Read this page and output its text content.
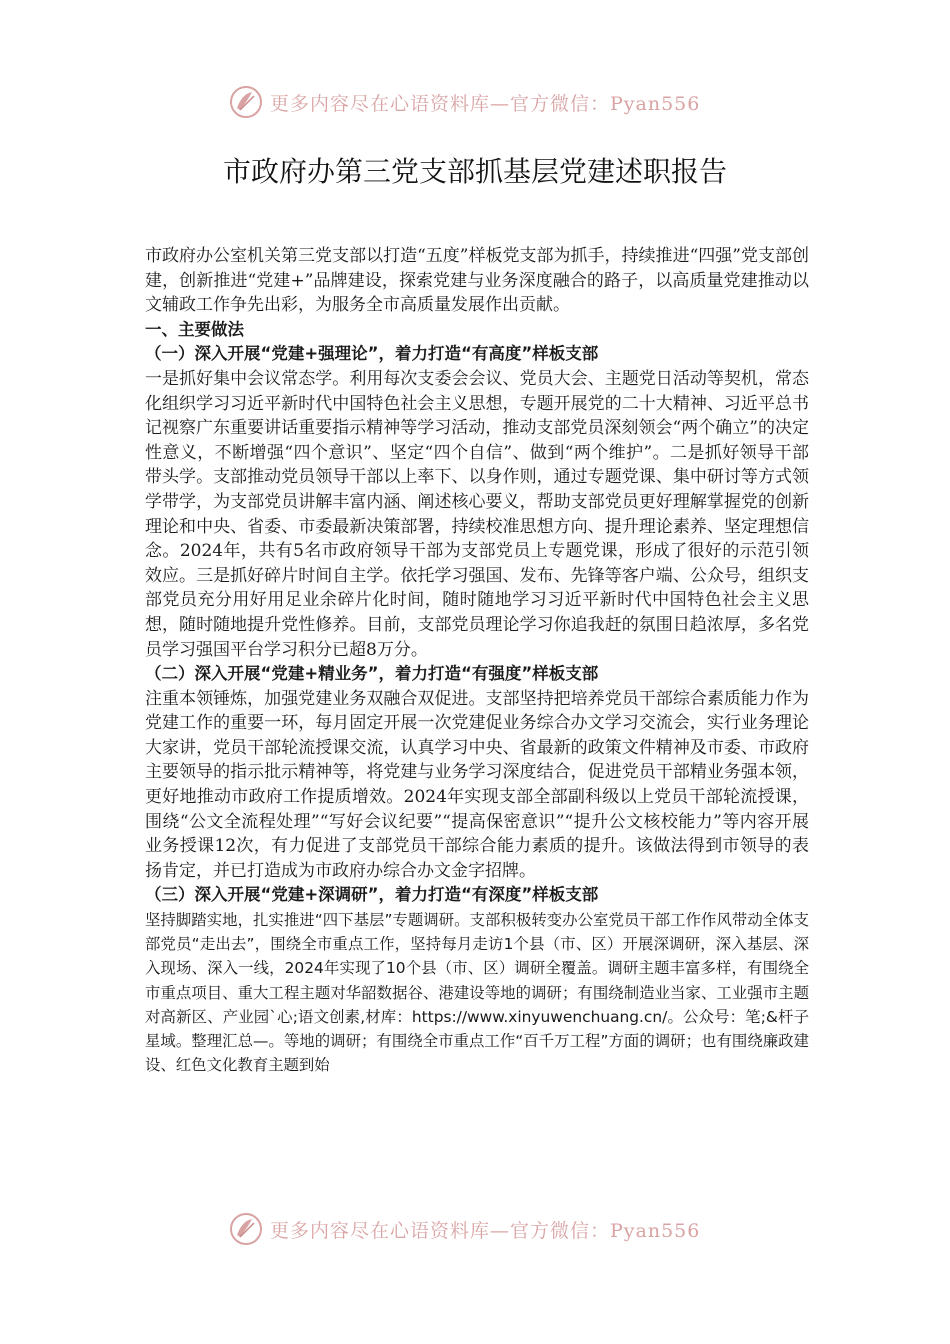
更多内容尽在心语资料库—官方微信：Pyan556
市政府办第三党支部抓基层党建述职报告

市政府办公室机关第三党支部以打造“五度”样板党支部为抓手，持续推进“四强”党支部创建，创新推进“党建+”品牌建设，探索党建与业务深度融合的路子，以高质量党建推动以文辅政工作争先出彩，为服务全市高质量发展作出贡献。

一、主要做法

（一）深入开展“党建+强理论”，着力打造“有高度”样板支部

一是抓好集中会议常态学。利用每次支委会会议、党员大会、主题党日活动等契机，常态化组织学习习近平新时代中国特色社会主义思想，专题开展党的二十大精神、习近平总书记视察广东重要讲话重要指示精神等学习活动，推动支部党员深刻领会“两个确立”的决定性意义，不断增强“四个意识”、坚定“四个自信”、做到“两个维护”。二是抓好领导干部带头学。支部推动党员领导干部以上率下、以身作则，通过专题党课、集中研讨等方式领学带学，为支部党员讲解丰富内涵、阐述核心要义，帮助支部党员更好理解掌握党的创新理论和中央、省委、市委最新决策部署，持续校准思想方向、提升理论素养、坚定理想信念。2024年，共有5名市政府领导干部为支部党员上专题党课，形成了很好的示范引领效应。三是抓好碎片时间自主学。依托学习强国、发布、先锋等客户端、公众号，组织支部党员充分用好用足业余碎片化时间，随时随地学习习近平新时代中国特色社会主义思想，随时随地提升党性修养。目前，支部党员理论学习你追我赶的氛围日趋浓厚，多名党员学习强国平台学习积分已超8万分。

（二）深入开展“党建+精业务”，着力打造“有强度”样板支部

注重本领锤炼，加强党建业务双融合双促进。支部坚持把培养党员干部综合素质能力作为党建工作的重要一环，每月固定开展一次党建促业务综合办文学习交流会，实行业务理论大家讲，党员干部轮流授课交流，认真学习中央、省最新的政策文件精神及市委、市政府主要领导的指示批示精神等，将党建与业务学习深度结合，促进党员干部精业务强本领，更好地推动市政府工作提质增效。2024年实现支部全部副科级以上党员干部轮流授课，围绕“公文全流程处理”“写好会议纪要”“提高保密意识”“提升公文核校能力”等内容开展业务授课12次，有力促进了支部党员干部综合能力素质的提升。该做法得到市领导的表扬肯定，并已打造成为市政府办综合办文金字招牌。

（三）深入开展“党建+深调研”，着力打造“有深度”样板支部

坚持脚踏实地，扎实推进“四下基层”专题调研。支部积极转变办公室党员干部工作作风带动全体支部党员“走出去”，围绕全市重点工作，坚持每月走访1个县（市、区）开展深调研，深入基层、深入现场、深入一线，2024年实现了10个县（市、区）调研全覆盖。调研主题丰富多样，有围绕全市重点项目、重大工程主题对华韶数据谷、港建设等地的调研；有围绕制造业当家、工业强市主题对高新区、产业园`心;语文创素,材库：https://www.xinyuwenchuang.cn/。公众号：笔;&杆子星域。整理汇总—。等地的调研；有围绕全市重点工作“百千万工程”方面的调研；也有围绕廉政建设、红色文化教育主题到始

更多内容尽在心语资料库—官方微信：Pyan556
